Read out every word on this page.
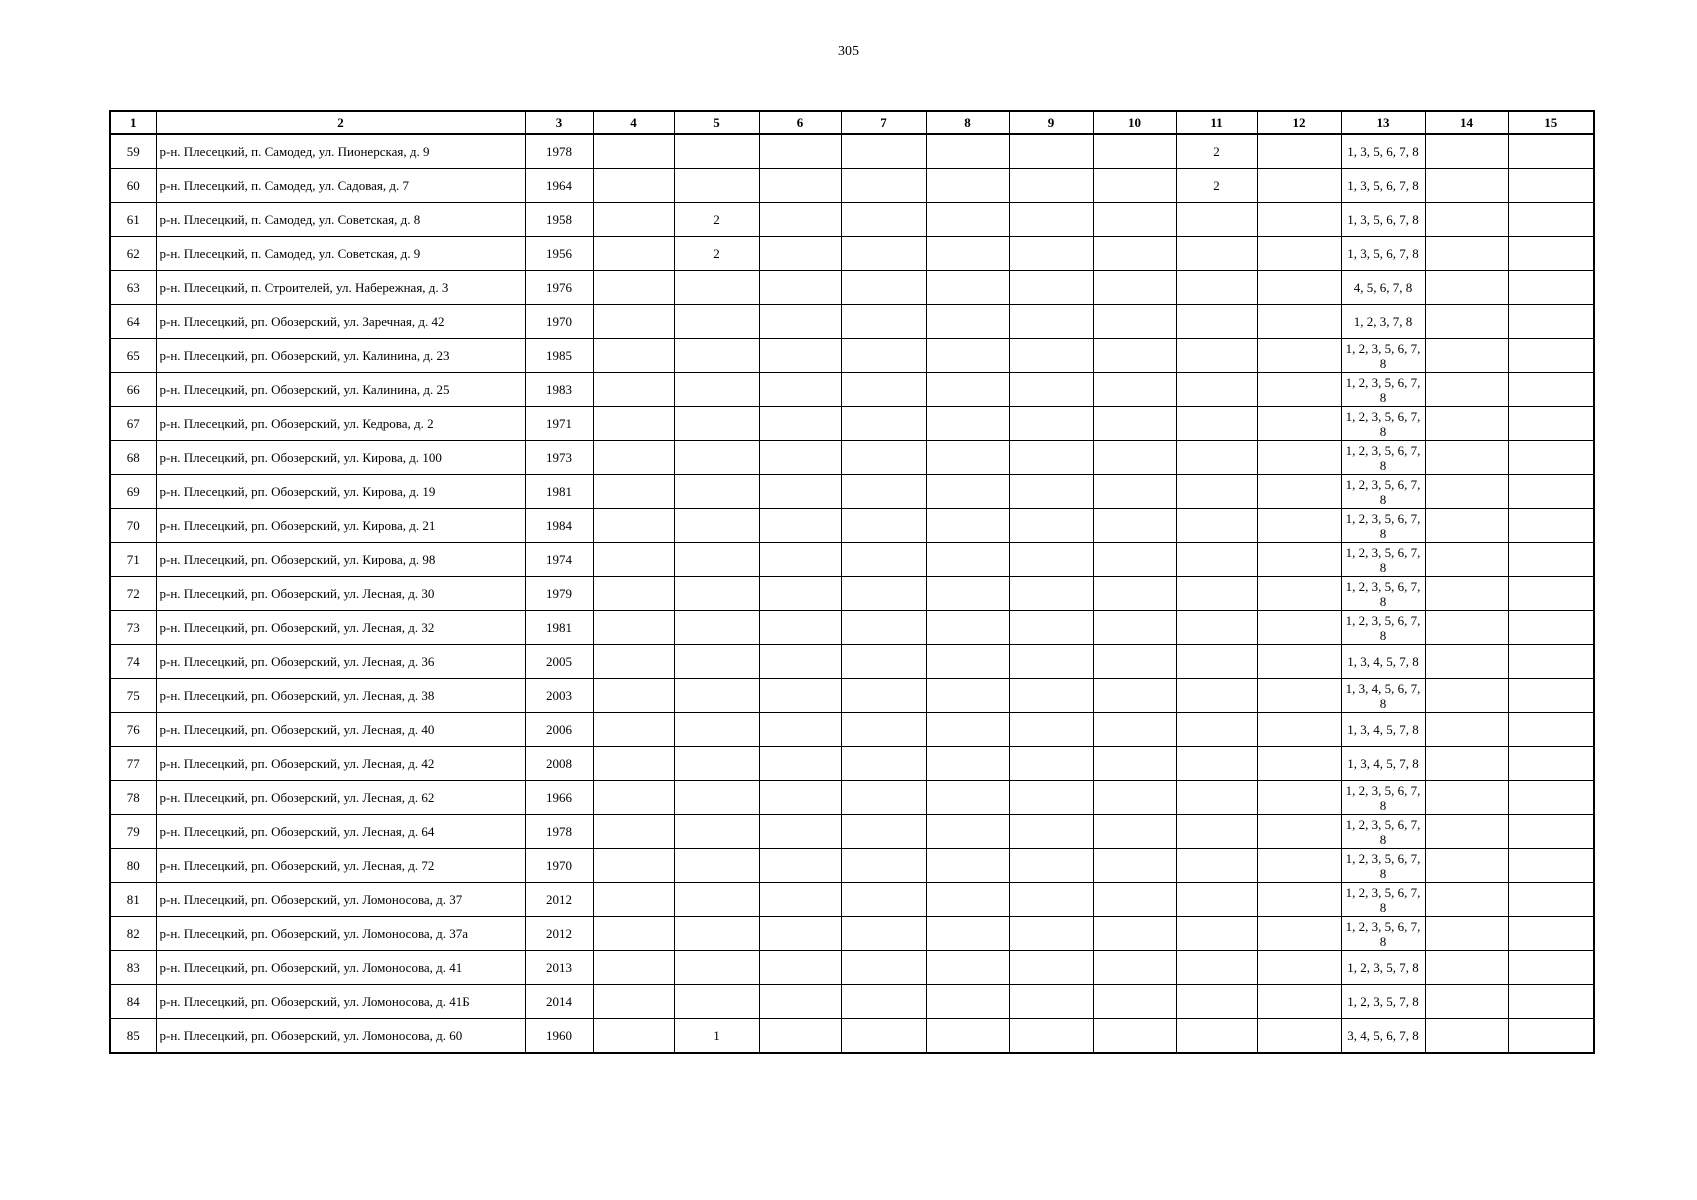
305
1	2	3	4	5	6	7	8	9	10	11	12	13	14	15
59	р-н. Плесецкий, п. Самодед, ул. Пионерская, д. 9	1978								2		1, 3, 5, 6, 7, 8		
60	р-н. Плесецкий, п. Самодед, ул. Садовая, д. 7	1964								2		1, 3, 5, 6, 7, 8		
61	р-н. Плесецкий, п. Самодед, ул. Советская, д. 8	1958		2								1, 3, 5, 6, 7, 8		
62	р-н. Плесецкий, п. Самодед, ул. Советская, д. 9	1956		2								1, 3, 5, 6, 7, 8		
63	р-н. Плесецкий, п. Строителей, ул. Набережная, д. 3	1976										4, 5, 6, 7, 8		
64	р-н. Плесецкий, рп. Обозерский, ул. Заречная, д. 42	1970										1, 2, 3, 7, 8		
65	р-н. Плесецкий, рп. Обозерский, ул. Калинина, д. 23	1985										1, 2, 3, 5, 6, 7, 8		
66	р-н. Плесецкий, рп. Обозерский, ул. Калинина, д. 25	1983										1, 2, 3, 5, 6, 7, 8		
67	р-н. Плесецкий, рп. Обозерский, ул. Кедрова, д. 2	1971										1, 2, 3, 5, 6, 7, 8		
68	р-н. Плесецкий, рп. Обозерский, ул. Кирова, д. 100	1973										1, 2, 3, 5, 6, 7, 8		
69	р-н. Плесецкий, рп. Обозерский, ул. Кирова, д. 19	1981										1, 2, 3, 5, 6, 7, 8		
70	р-н. Плесецкий, рп. Обозерский, ул. Кирова, д. 21	1984										1, 2, 3, 5, 6, 7, 8		
71	р-н. Плесецкий, рп. Обозерский, ул. Кирова, д. 98	1974										1, 2, 3, 5, 6, 7, 8		
72	р-н. Плесецкий, рп. Обозерский, ул. Лесная, д. 30	1979										1, 2, 3, 5, 6, 7, 8		
73	р-н. Плесецкий, рп. Обозерский, ул. Лесная, д. 32	1981										1, 2, 3, 5, 6, 7, 8		
74	р-н. Плесецкий, рп. Обозерский, ул. Лесная, д. 36	2005										1, 3, 4, 5, 7, 8		
75	р-н. Плесецкий, рп. Обозерский, ул. Лесная, д. 38	2003										1, 3, 4, 5, 6, 7, 8		
76	р-н. Плесецкий, рп. Обозерский, ул. Лесная, д. 40	2006										1, 3, 4, 5, 7, 8		
77	р-н. Плесецкий, рп. Обозерский, ул. Лесная, д. 42	2008										1, 3, 4, 5, 7, 8		
78	р-н. Плесецкий, рп. Обозерский, ул. Лесная, д. 62	1966										1, 2, 3, 5, 6, 7, 8		
79	р-н. Плесецкий, рп. Обозерский, ул. Лесная, д. 64	1978										1, 2, 3, 5, 6, 7, 8		
80	р-н. Плесецкий, рп. Обозерский, ул. Лесная, д. 72	1970										1, 2, 3, 5, 6, 7, 8		
81	р-н. Плесецкий, рп. Обозерский, ул. Ломоносова, д. 37	2012										1, 2, 3, 5, 6, 7, 8		
82	р-н. Плесецкий, рп. Обозерский, ул. Ломоносова, д. 37а	2012										1, 2, 3, 5, 6, 7, 8		
83	р-н. Плесецкий, рп. Обозерский, ул. Ломоносова, д. 41	2013										1, 2, 3, 5, 7, 8		
84	р-н. Плесецкий, рп. Обозерский, ул. Ломоносова, д. 41Б	2014										1, 2, 3, 5, 7, 8		
85	р-н. Плесецкий, рп. Обозерский, ул. Ломоносова, д. 60	1960		1								3, 4, 5, 6, 7, 8		
